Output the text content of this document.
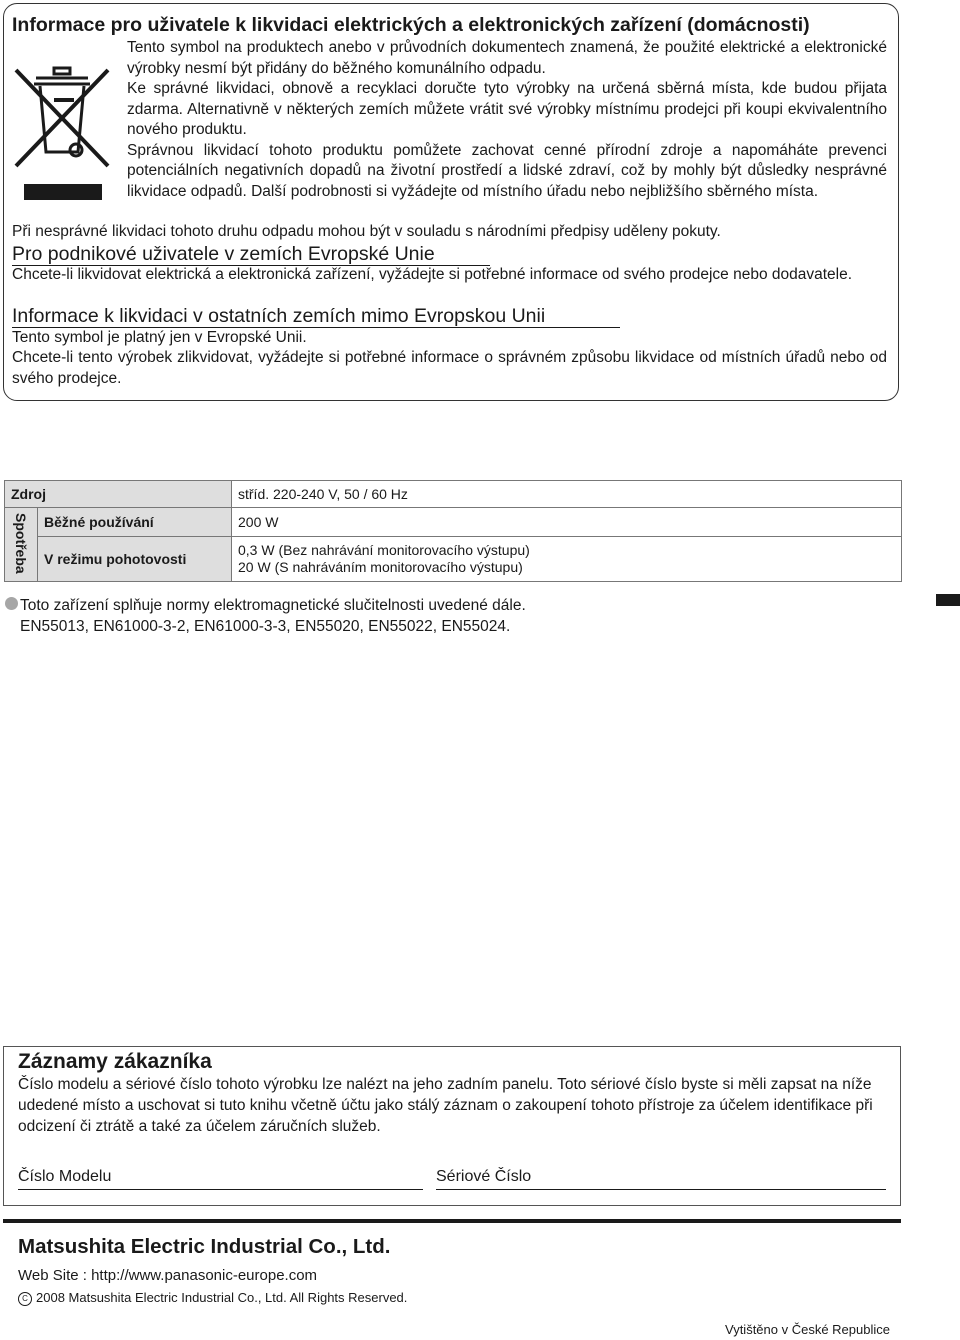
Informace pro uživatele k likvidaci elektrických a elektronických zařízení (domácnosti)

Tento symbol na produktech anebo v průvodních dokumentech znamená, že použité elektrické a elektronické výrobky nesmí být přidány do běžného komunálního odpadu.

Ke správné likvidaci, obnově a recyklaci doručte tyto výrobky na určená sběrná místa, kde budou přijata zdarma. Alternativně v některých zemích můžete vrátit své výrobky místnímu prodejci při koupi ekvivalentního nového produktu.

Správnou likvidací tohoto produktu pomůžete zachovat cenné přírodní zdroje a napomáháte prevenci potenciálních negativních dopadů na životní prostředí a lidské zdraví, což by mohly být důsledky nesprávné likvidace odpadů. Další podrobnosti si vyžádejte od místního úřadu nebo nejbližšího sběrného místa.

Při nesprávné likvidaci tohoto druhu odpadu mohou být v souladu s národními předpisy uděleny pokuty.

Pro podnikové uživatele v zemích Evropské Unie

Chcete-li likvidovat elektrická a elektronická zařízení, vyžádejte si potřebné informace od svého prodejce nebo dodavatele.

Informace k likvidaci v ostatních zemích mimo Evropskou Unii

Tento symbol je platný jen v Evropské Unii.

Chcete-li tento výrobek zlikvidovat, vyžádejte si potřebné informace o správném způsobu likvidace od místních úřadů nebo od svého prodejce.

Zdroj		stříd. 220-240 V, 50 / 60 Hz
Spotřeba	Běžné používání	200 W
	V režimu pohotovosti	0,3 W (Bez nahrávání monitorovacího výstupu)
20 W (S nahráváním monitorovacího výstupu)
Toto zařízení splňuje normy elektromagnetické slučitelnosti uvedené dále.
EN55013, EN61000-3-2, EN61000-3-3, EN55020, EN55022, EN55024.
Záznamy zákazníka

Číslo modelu a sériové číslo tohoto výrobku lze nalézt na jeho zadním panelu. Toto sériové číslo byste si měli zapsat na níže udedené místo a uschovat si tuto knihu včetně účtu jako stálý záznam o zakoupení tohoto přístroje za účelem identifikace při odcizení či ztrátě a také za účelem záručních služeb.

Číslo Modelu	Sériové Číslo
Matsushita Electric Industrial Co., Ltd.
Web Site : http://www.panasonic-europe.com
C 2008 Matsushita Electric Industrial Co., Ltd. All Rights Reserved.
Vytištěno v České Republice
